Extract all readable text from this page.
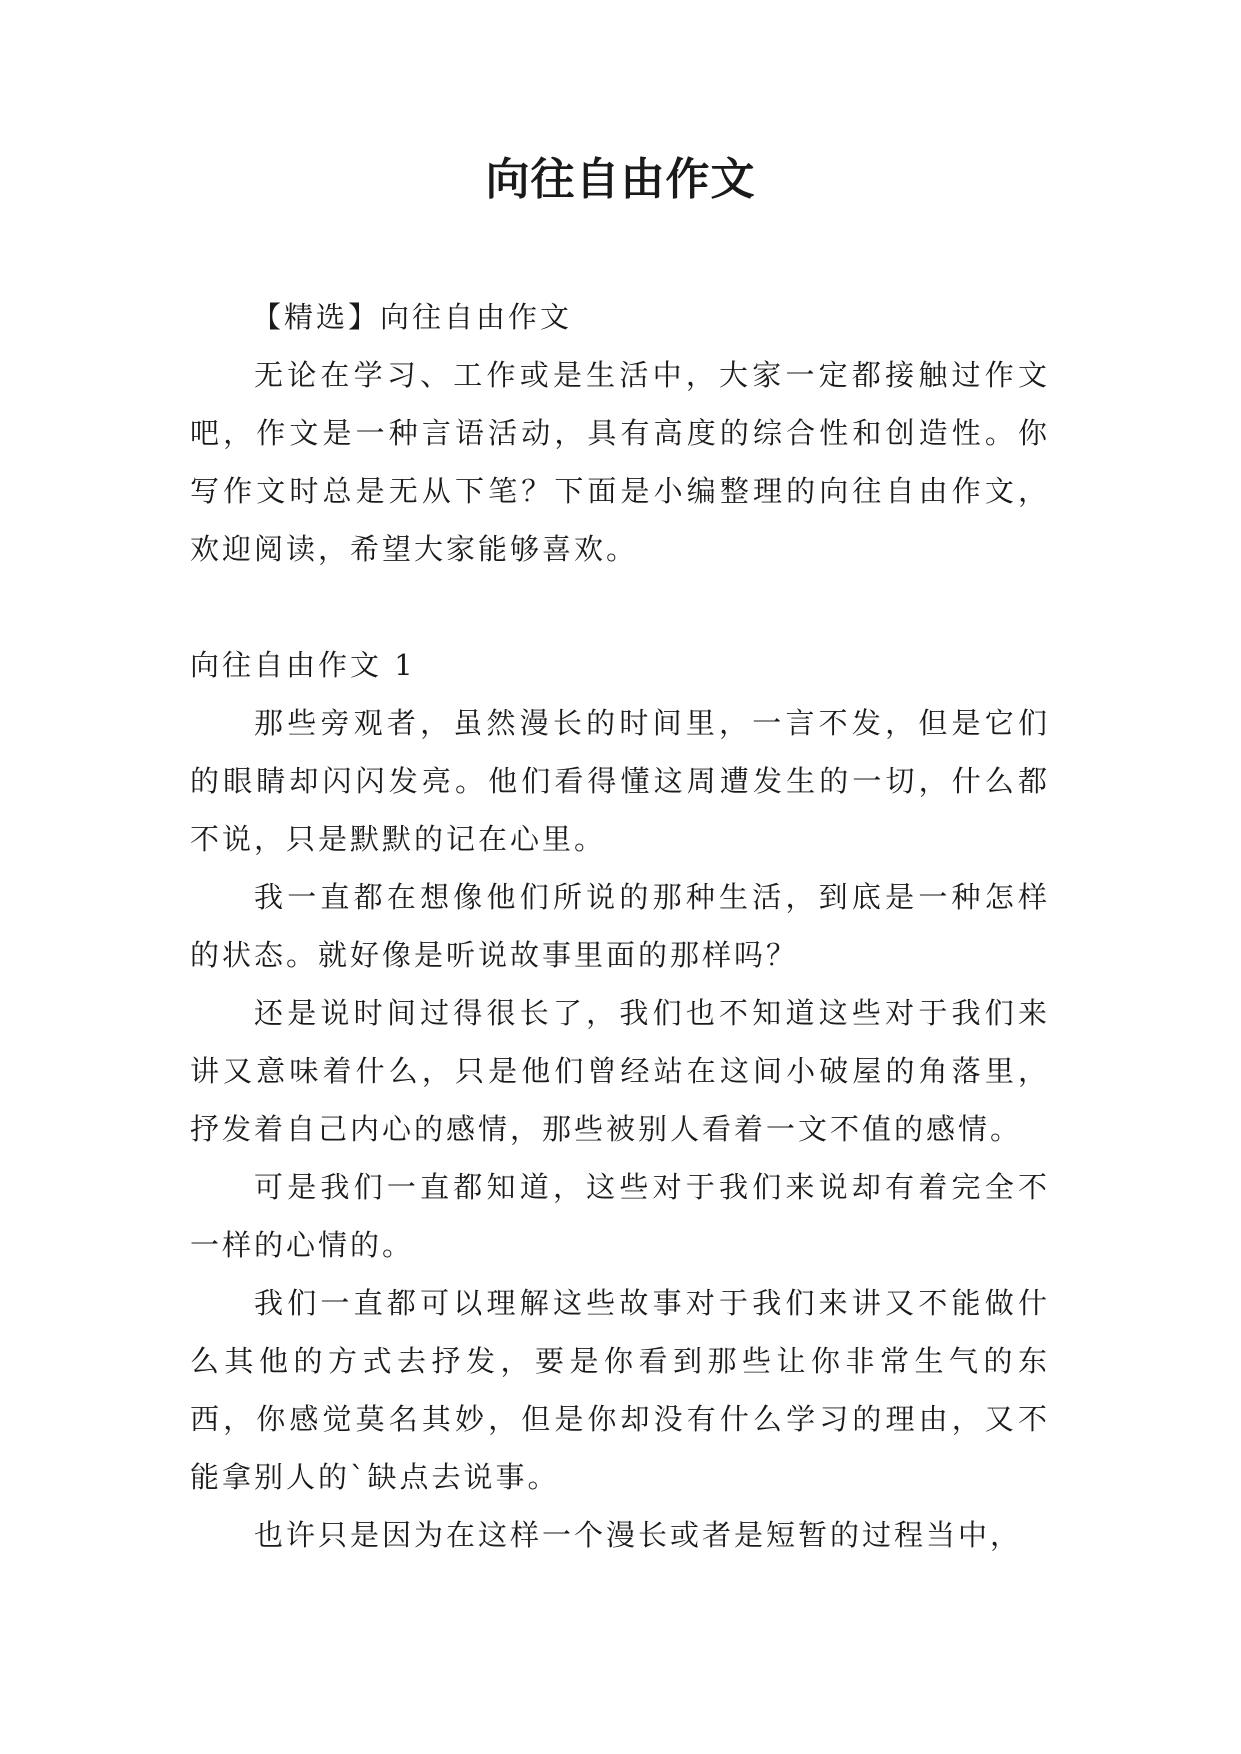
向往自由作文

【精选】向往自由作文

无论在学习、工作或是生活中，大家一定都接触过作文吧，作文是一种言语活动，具有高度的综合性和创造性。你写作文时总是无从下笔？下面是小编整理的向往自由作文，欢迎阅读，希望大家能够喜欢。

向往自由作文 1

那些旁观者，虽然漫长的时间里，一言不发，但是它们的眼睛却闪闪发亮。他们看得懂这周遭发生的一切，什么都不说，只是默默的记在心里。

我一直都在想像他们所说的那种生活，到底是一种怎样的状态。就好像是听说故事里面的那样吗？

还是说时间过得很长了，我们也不知道这些对于我们来讲又意味着什么，只是他们曾经站在这间小破屋的角落里，抒发着自己内心的感情，那些被别人看着一文不值的感情。

可是我们一直都知道，这些对于我们来说却有着完全不一样的心情的。

我们一直都可以理解这些故事对于我们来讲又不能做什么其他的方式去抒发，要是你看到那些让你非常生气的东西，你感觉莫名其妙，但是你却没有什么学习的理由，又不能拿别人的`缺点去说事。

也许只是因为在这样一个漫长或者是短暂的过程当中，
